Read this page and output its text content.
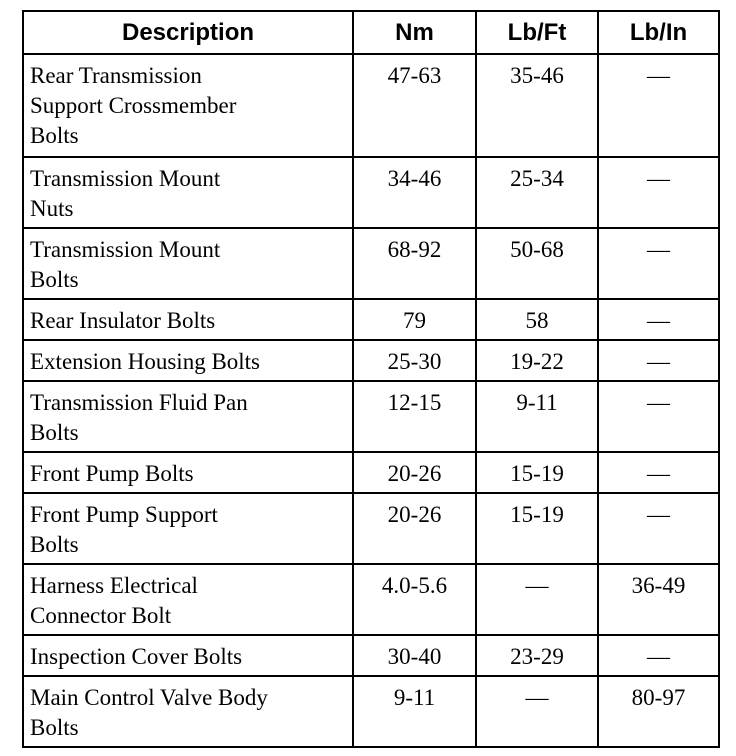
Description	Nm	Lb/Ft	Lb/In

Rear Transmission
Support Crossmember
Bolts	47-63	35-46	—

Transmission Mount
Nuts	34-46	25-34	—

Transmission Mount
Bolts	68-92	50-68	—

Rear Insulator Bolts	79	58	—

Extension Housing Bolts	25-30	19-22	—

Transmission Fluid Pan
Bolts	12-15	9-11	—

Front Pump Bolts	20-26	15-19	—

Front Pump Support
Bolts	20-26	15-19	—

Harness Electrical
Connector Bolt	4.0-5.6	—	36-49

Inspection Cover Bolts	30-40	23-29	—

Main Control Valve Body
Bolts	9-11	—	80-97
